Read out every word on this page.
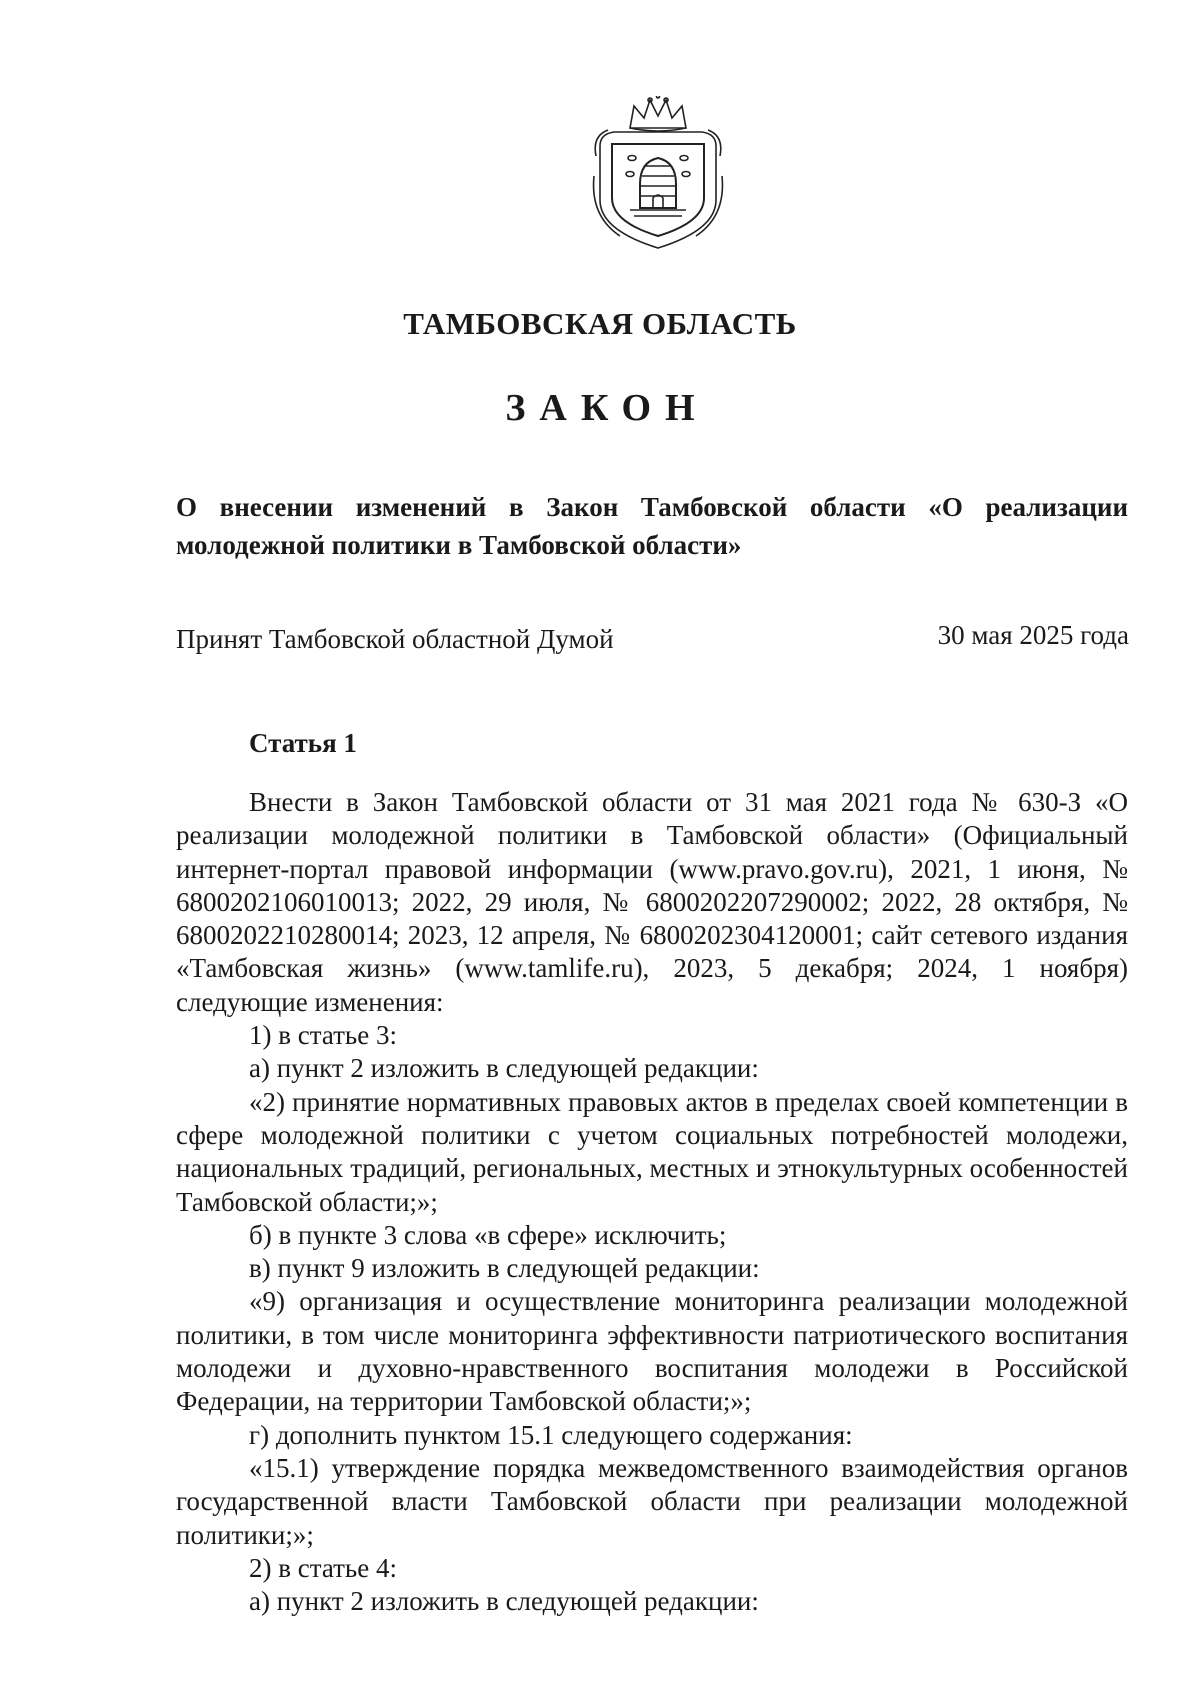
ТАМБОВСКАЯ ОБЛАСТЬ
ЗАКОН
О внесении изменений в Закон Тамбовской области «О реализации молодежной политики в Тамбовской области»
Принят Тамбовской областной Думой	30 мая 2025 года
Статья 1

Внести в Закон Тамбовской области от 31 мая 2021 года № 630-З «О реализации молодежной политики в Тамбовской области» (Официальный интернет-портал правовой информации (www.pravo.gov.ru), 2021, 1 июня, № 6800202106010013; 2022, 29 июля, № 6800202207290002; 2022, 28 октября, № 6800202210280014; 2023, 12 апреля, № 6800202304120001; сайт сетевого издания «Тамбовская жизнь» (www.tamlife.ru), 2023, 5 декабря; 2024, 1 ноября) следующие изменения:

1) в статье 3:

а) пункт 2 изложить в следующей редакции:

«2) принятие нормативных правовых актов в пределах своей компетенции в сфере молодежной политики с учетом социальных потребностей молодежи, национальных традиций, региональных, местных и этнокультурных особенностей Тамбовской области;»;

б) в пункте 3 слова «в сфере» исключить;

в) пункт 9 изложить в следующей редакции:

«9) организация и осуществление мониторинга реализации молодежной политики, в том числе мониторинга эффективности патриотического воспитания молодежи и духовно-нравственного воспитания молодежи в Российской Федерации, на территории Тамбовской области;»;

г) дополнить пунктом 15.1 следующего содержания:

«15.1) утверждение порядка межведомственного взаимодействия органов государственной власти Тамбовской области при реализации молодежной политики;»;

2) в статье 4:

а) пункт 2 изложить в следующей редакции:
